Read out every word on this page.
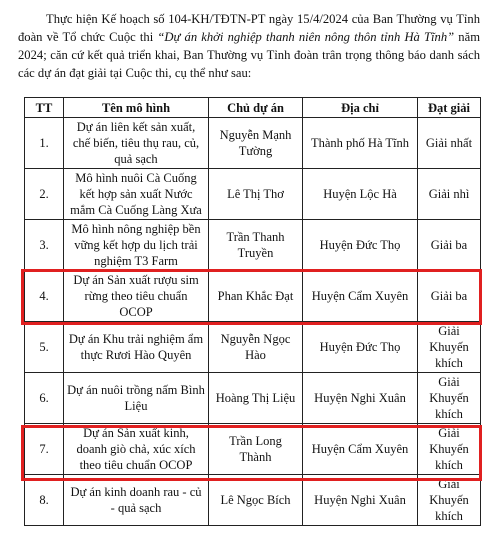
Thực hiện Kế hoạch số 104-KH/TĐTN-PT ngày 15/4/2024 của Ban Thường vụ Tỉnh đoàn về Tổ chức Cuộc thi “Dự án khởi nghiệp thanh niên nông thôn tỉnh Hà Tĩnh” năm 2024; căn cứ kết quả triển khai, Ban Thường vụ Tỉnh đoàn trân trọng thông báo danh sách các dự án đạt giải tại Cuộc thi, cụ thể như sau:

TT	Tên mô hình	Chủ dự án	Địa chỉ	Đạt giải
1.	Dự án liên kết sản xuất, chế biến, tiêu thụ rau, củ, quả sạch	Nguyễn Mạnh Tường	Thành phố Hà Tĩnh	Giải nhất
2.	Mô hình nuôi Cà Cuống kết hợp sản xuất Nước mắm Cà Cuống Làng Xưa	Lê Thị Thơ	Huyện Lộc Hà	Giải nhì
3.	Mô hình nông nghiệp bền vững kết hợp du lịch trải nghiệm T3 Farm	Trần Thanh Truyền	Huyện Đức Thọ	Giải ba
4.	Dự án Sản xuất rượu sim rừng theo tiêu chuẩn OCOP	Phan Khắc Đạt	Huyện Cẩm Xuyên	Giải ba
5.	Dự án Khu trải nghiệm ẩm thực Rươi Hào Quyên	Nguyễn Ngọc Hào	Huyện Đức Thọ	Giải Khuyến khích
6.	Dự án nuôi trồng nấm Bình Liệu	Hoàng Thị Liệu	Huyện Nghi Xuân	Giải Khuyến khích
7.	Dự án Sản xuất kinh, doanh giò chả, xúc xích theo tiêu chuẩn OCOP	Trần Long Thành	Huyện Cẩm Xuyên	Giải Khuyến khích
8.	Dự án kinh doanh rau - củ - quả sạch	Lê Ngọc Bích	Huyện Nghi Xuân	Giải Khuyến khích
